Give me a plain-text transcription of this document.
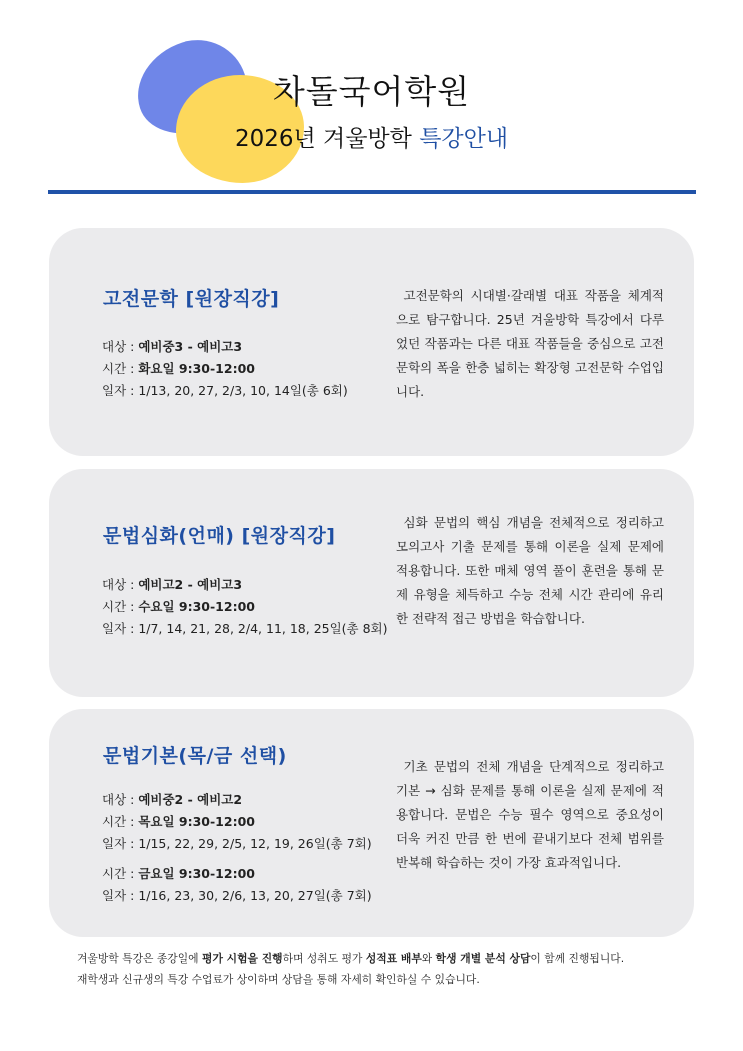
차돌국어학원
2026년 겨울방학 특강안내
고전문학 [원장직강]
대상 : 예비중3 - 예비고3
시간 : 화요일 9:30-12:00
일자 : 1/13, 20, 27, 2/3, 10, 14일(총 6회)
고전문학의 시대별·갈래별 대표 작품을 체계적으로 탐구합니다. 25년 겨울방학 특강에서 다루었던 작품과는 다른 대표 작품들을 중심으로 고전 문학의 폭을 한층 넓히는 확장형 고전문학 수업입니다.
문법심화(언매) [원장직강]
대상 : 예비고2 - 예비고3
시간 : 수요일 9:30-12:00
일자 : 1/7, 14, 21, 28, 2/4, 11, 18, 25일(총 8회)
심화 문법의 핵심 개념을 전체적으로 정리하고 모의고사 기출 문제를 통해 이론을 실제 문제에 적용합니다. 또한 매체 영역 풀이 훈련을 통해 문제 유형을 체득하고 수능 전체 시간 관리에 유리한 전략적 접근 방법을 학습합니다.
문법기본(목/금 선택)
대상 : 예비중2 - 예비고2
시간 : 목요일 9:30-12:00
일자 : 1/15, 22, 29, 2/5, 12, 19, 26일(총 7회)
시간 : 금요일 9:30-12:00
일자 : 1/16, 23, 30, 2/6, 13, 20, 27일(총 7회)
기초 문법의 전체 개념을 단계적으로 정리하고 기본 → 심화 문제를 통해 이론을 실제 문제에 적용합니다. 문법은 수능 필수 영역으로 중요성이 더욱 커진 만큼 한 번에 끝내기보다 전체 범위를 반복해 학습하는 것이 가장 효과적입니다.
겨울방학 특강은 종강일에 평가 시험을 진행하며 성취도 평가 성적표 배부와 학생 개별 분석 상담이 함께 진행됩니다.
재학생과 신규생의 특강 수업료가 상이하며 상담을 통해 자세히 확인하실 수 있습니다.
